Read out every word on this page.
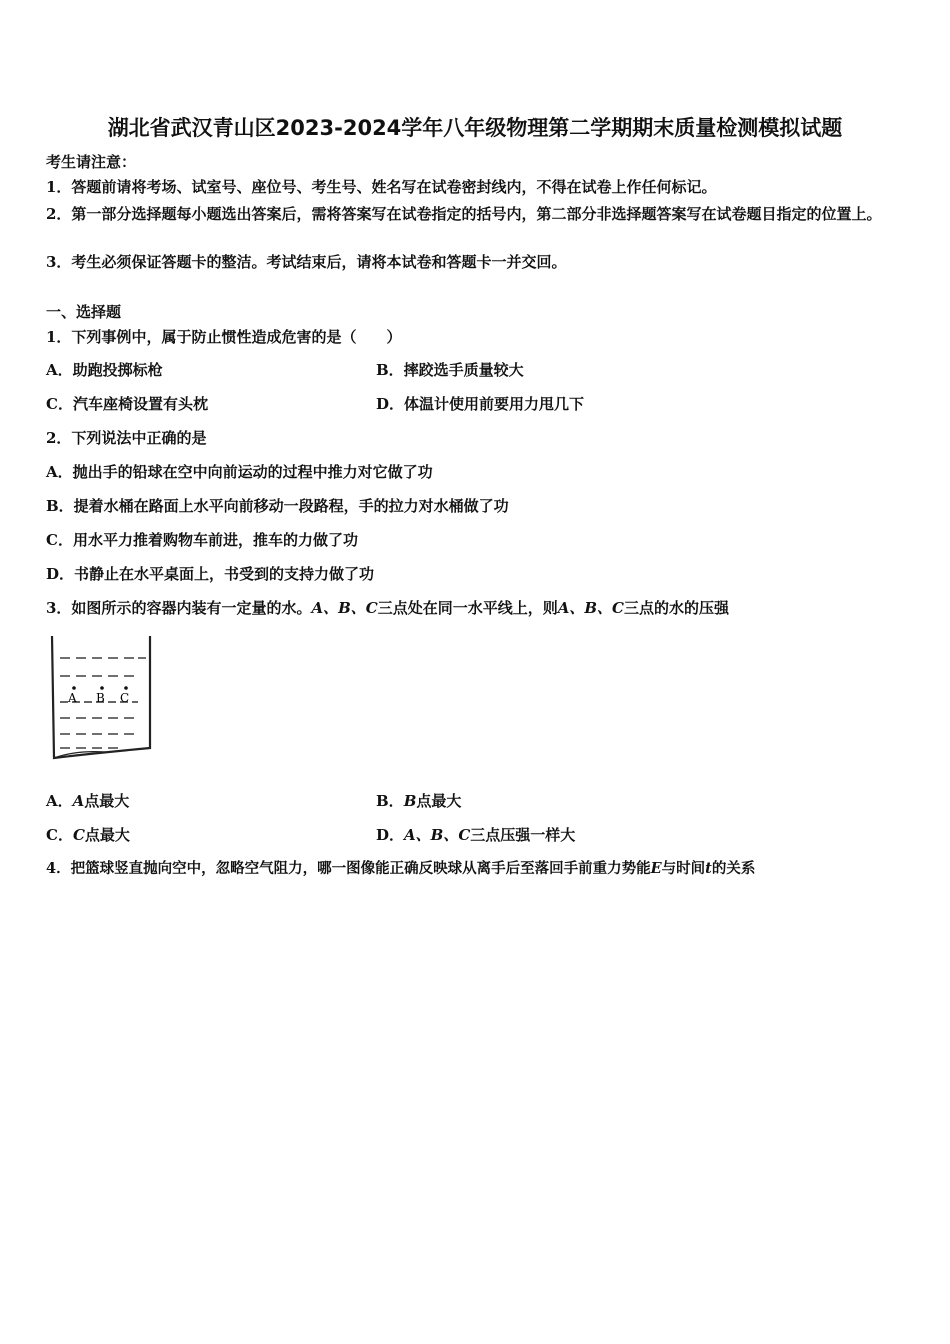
湖北省武汉青山区2023-2024学年八年级物理第二学期期末质量检测模拟试题
考生请注意：
1．答题前请将考场、试室号、座位号、考生号、姓名写在试卷密封线内，不得在试卷上作任何标记。
2．第一部分选择题每小题选出答案后，需将答案写在试卷指定的括号内，第二部分非选择题答案写在试卷题目指定的位置上。
3．考生必须保证答题卡的整洁。考试结束后，请将本试卷和答题卡一并交回。
一、选择题
1．下列事例中，属于防止惯性造成危害的是（　　）
A．助跑投掷标枪	B．摔跤选手质量较大
C．汽车座椅设置有头枕	D．体温计使用前要用力甩几下
2．下列说法中正确的是
A．抛出手的铅球在空中向前运动的过程中推力对它做了功
B．提着水桶在路面上水平向前移动一段路程，手的拉力对水桶做了功
C．用水平力推着购物车前进，推车的力做了功
D．书静止在水平桌面上，书受到的支持力做了功
3．如图所示的容器内装有一定量的水。A、B、C三点处在同一水平线上，则A、B、C三点的水的压强
A B C
A．A点最大	B．B点最大
C．C点最大	D．A、B、C三点压强一样大
4．把篮球竖直抛向空中，忽略空气阻力，哪一图像能正确反映球从离手后至落回手前重力势能E与时间t的关系
